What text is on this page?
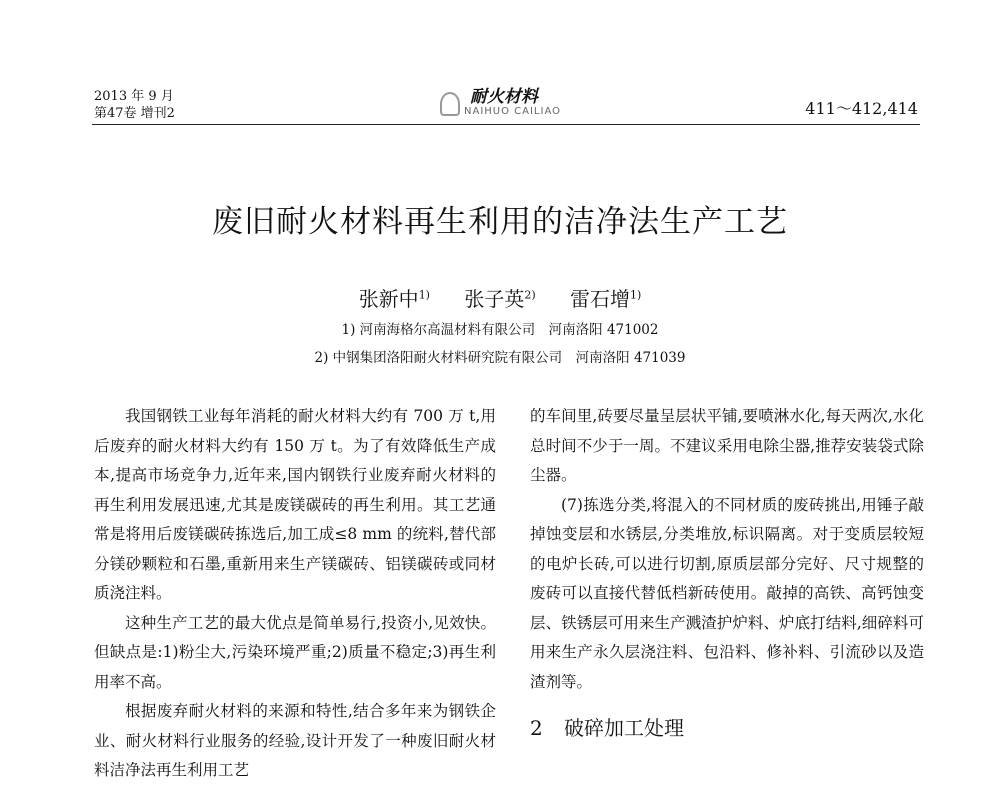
2013 年 9 月
第47卷 增刊2
耐火材料
NAIHUO CAILIAO	411～412,414
废旧耐火材料再生利用的洁净法生产工艺
张新中$^{1)}$ 张子英$^{2)}$ 雷石增$^{1)}$
1) 河南海格尔高温材料有限公司　河南洛阳 471002
2) 中钢集团洛阳耐火材料研究院有限公司　河南洛阳 471039

我国钢铁工业每年消耗的耐火材料大约有 700 万 t,用后废弃的耐火材料大约有 150 万 t。为了有效降低生产成本,提高市场竞争力,近年来,国内钢铁行业废弃耐火材料的再生利用发展迅速,尤其是废镁碳砖的再生利用。其工艺通常是将用后废镁碳砖拣选后,加工成≤8 mm 的统料,替代部分镁砂颗粒和石墨,重新用来生产镁碳砖、铝镁碳砖或同材质浇注料。

这种生产工艺的最大优点是简单易行,投资小,见效快。但缺点是:1)粉尘大,污染环境严重;2)质量不稳定;3)再生利用率不高。

根据废弃耐火材料的来源和特性,结合多年来为钢铁企业、耐火材料行业服务的经验,设计开发了一种废旧耐火材料洁净法再生利用工艺

的车间里,砖要尽量呈层状平铺,要喷淋水化,每天两次,水化总时间不少于一周。不建议采用电除尘器,推荐安装袋式除尘器。

(7)拣选分类,将混入的不同材质的废砖挑出,用锤子敲掉蚀变层和水锈层,分类堆放,标识隔离。对于变质层较短的电炉长砖,可以进行切割,原质层部分完好、尺寸规整的废砖可以直接代替低档新砖使用。敲掉的高铁、高钙蚀变层、铁锈层可用来生产溅渣护炉料、炉底打结料,细碎料可用来生产永久层浇注料、包沿料、修补料、引流砂以及造渣剂等。

2 破碎加工处理
